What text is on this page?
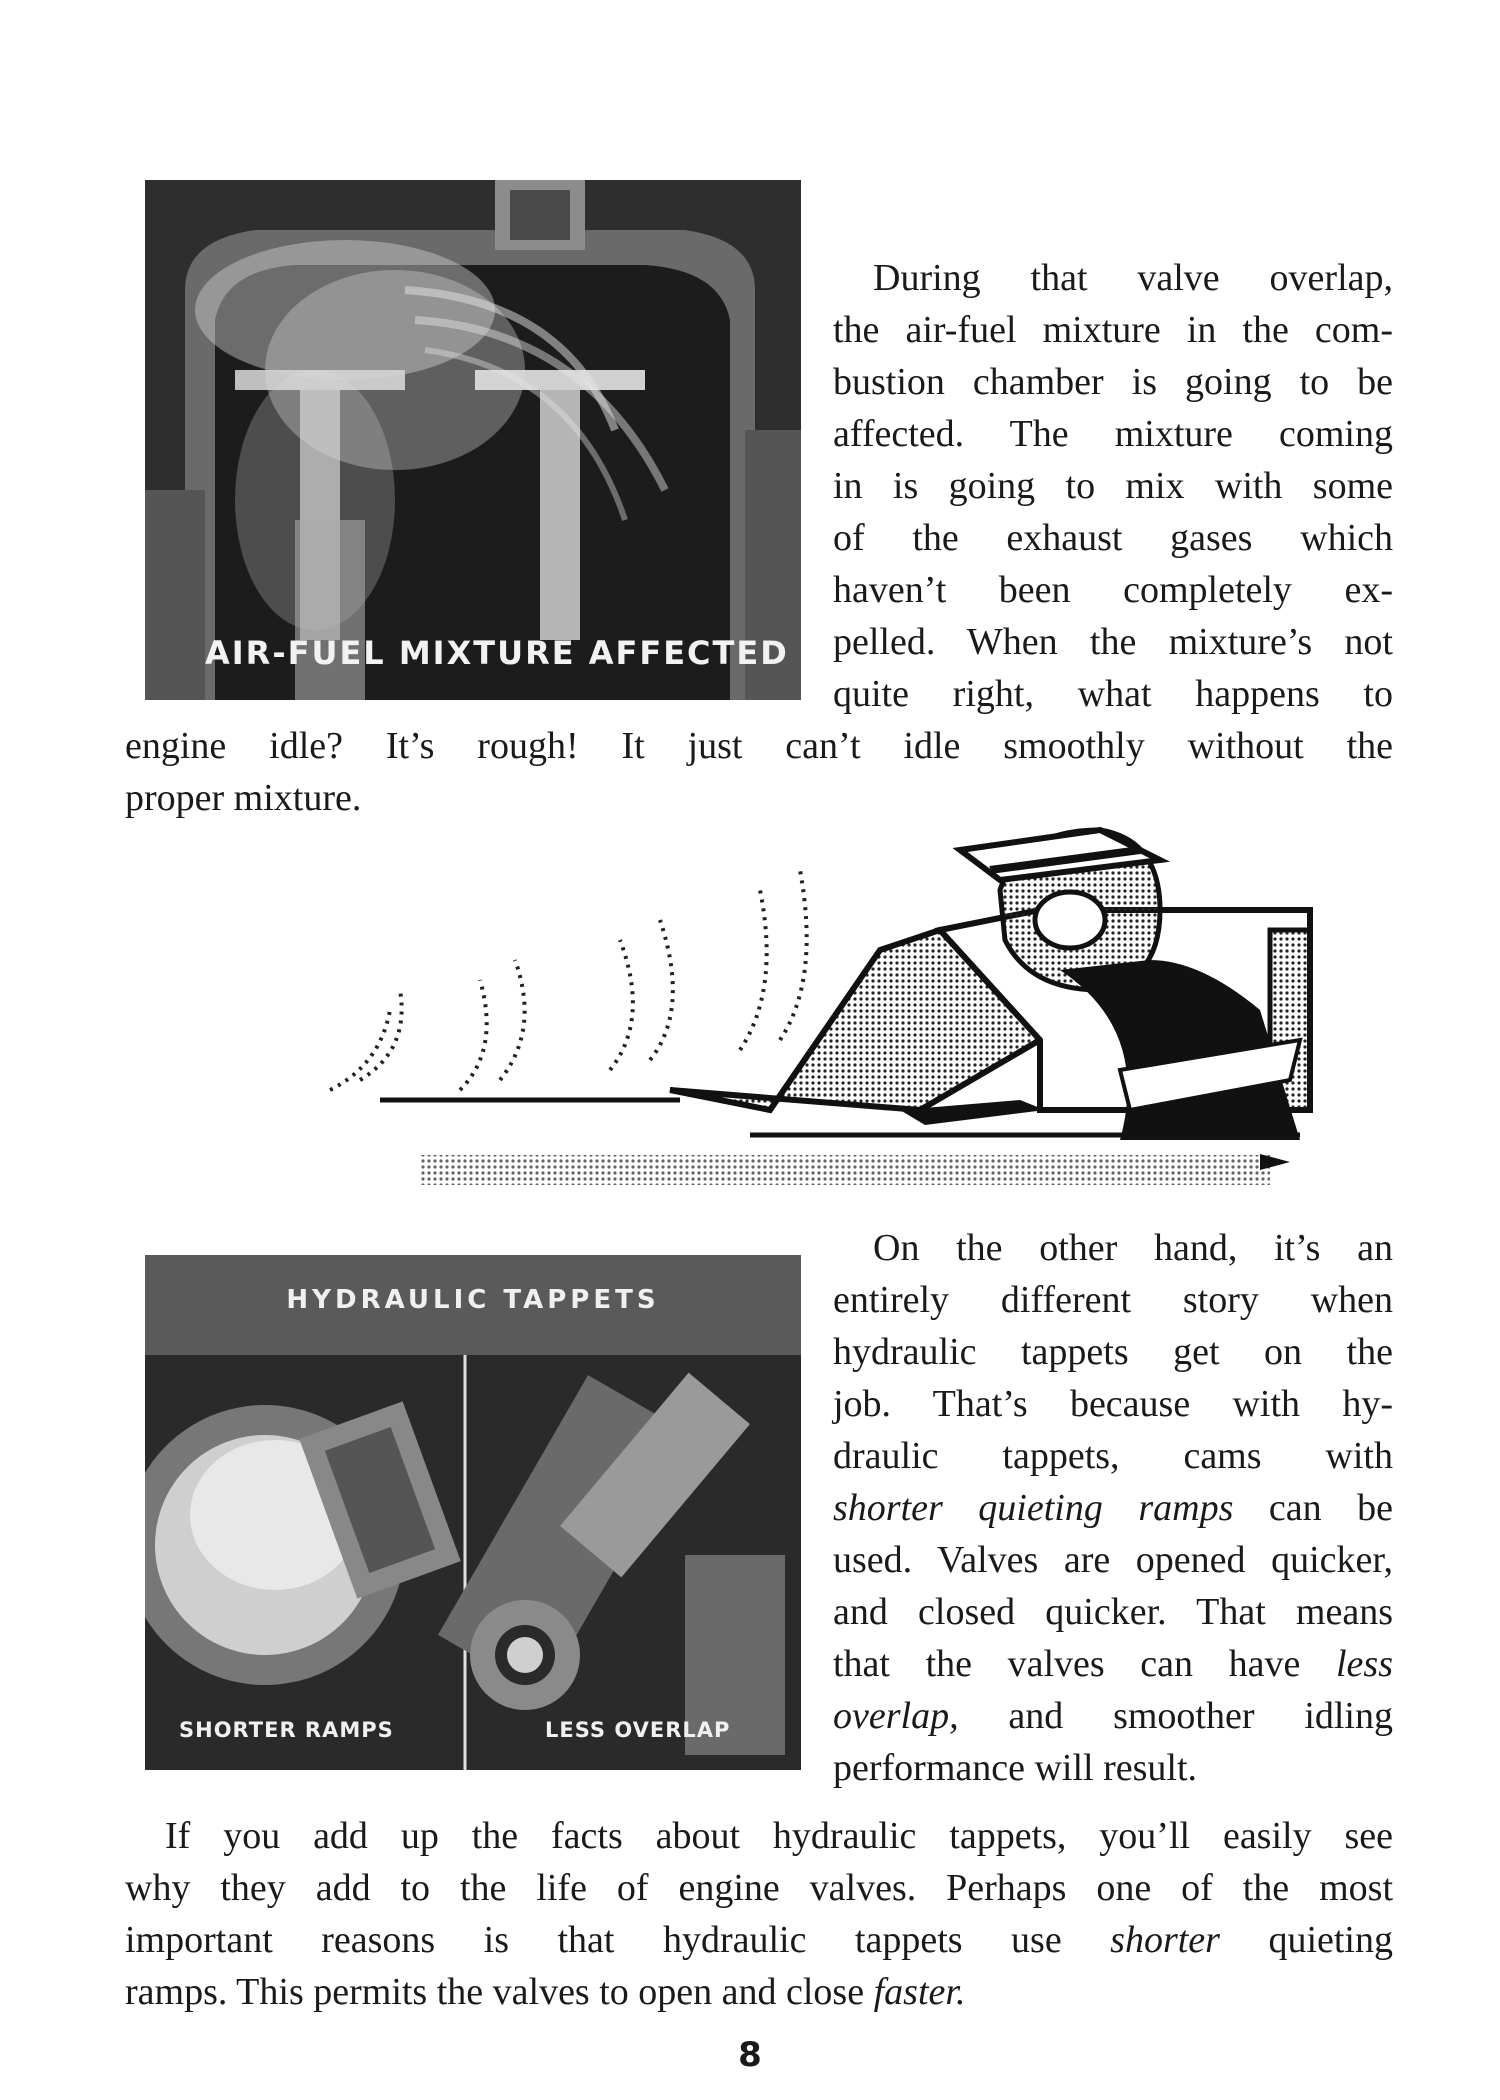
AIR-FUEL MIXTURE AFFECTED
During that valve overlap,
the air-fuel mixture in the com-
bustion chamber is going to be
affected. The mixture coming
in is going to mix with some
of the exhaust gases which
haven’t been completely ex-
pelled. When the mixture’s not
quite right, what happens to
engine idle? It’s rough! It just can’t idle smoothly without the
proper mixture.
HYDRAULIC TAPPETS
SHORTER RAMPS	LESS OVERLAP
On the other hand, it’s an
entirely different story when
hydraulic tappets get on the
job. That’s because with hy-
draulic tappets, cams with
shorter quieting ramps can be
used. Valves are opened quicker,
and closed quicker. That means
that the valves can have less
overlap, and smoother idling
performance will result.
If you add up the facts about hydraulic tappets, you’ll easily see
why they add to the life of engine valves. Perhaps one of the most
important reasons is that hydraulic tappets use shorter quieting
ramps. This permits the valves to open and close faster.
8
